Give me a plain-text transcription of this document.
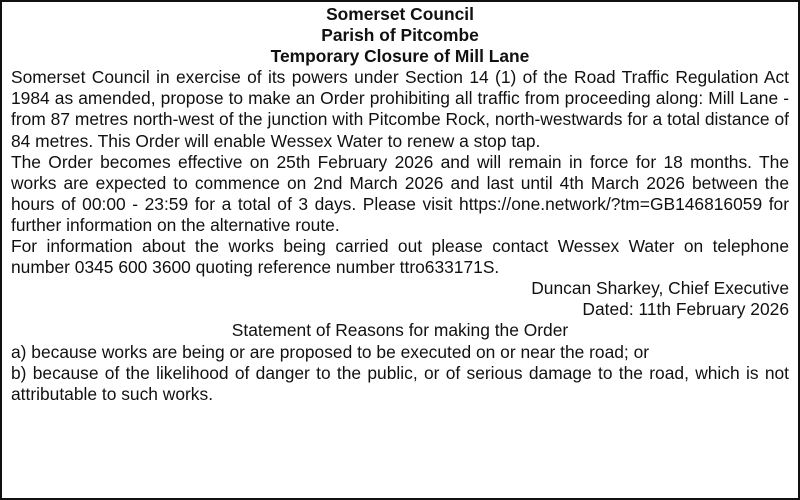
Somerset Council

Parish of Pitcombe

Temporary Closure of Mill Lane

Somerset Council in exercise of its powers under Section 14 (1) of the Road Traffic Regulation Act 1984 as amended, propose to make an Order prohibiting all traffic from proceeding along: Mill Lane - from 87 metres north-west of the junction with Pitcombe Rock, north-westwards for a total distance of 84 metres. This Order will enable Wessex Water to renew a stop tap.

The Order becomes effective on 25th February 2026 and will remain in force for 18 months. The works are expected to commence on 2nd March 2026 and last until 4th March 2026 between the hours of 00:00 - 23:59 for a total of 3 days. Please visit https://one.network/?tm=GB146816059 for further information on the alternative route.

For information about the works being carried out please contact Wessex Water on telephone number 0345 600 3600 quoting reference number ttro633171S.

Duncan Sharkey, Chief Executive

Dated: 11th February 2026

Statement of Reasons for making the Order

a) because works are being or are proposed to be executed on or near the road; or

b) because of the likelihood of danger to the public, or of serious damage to the road, which is not attributable to such works.
